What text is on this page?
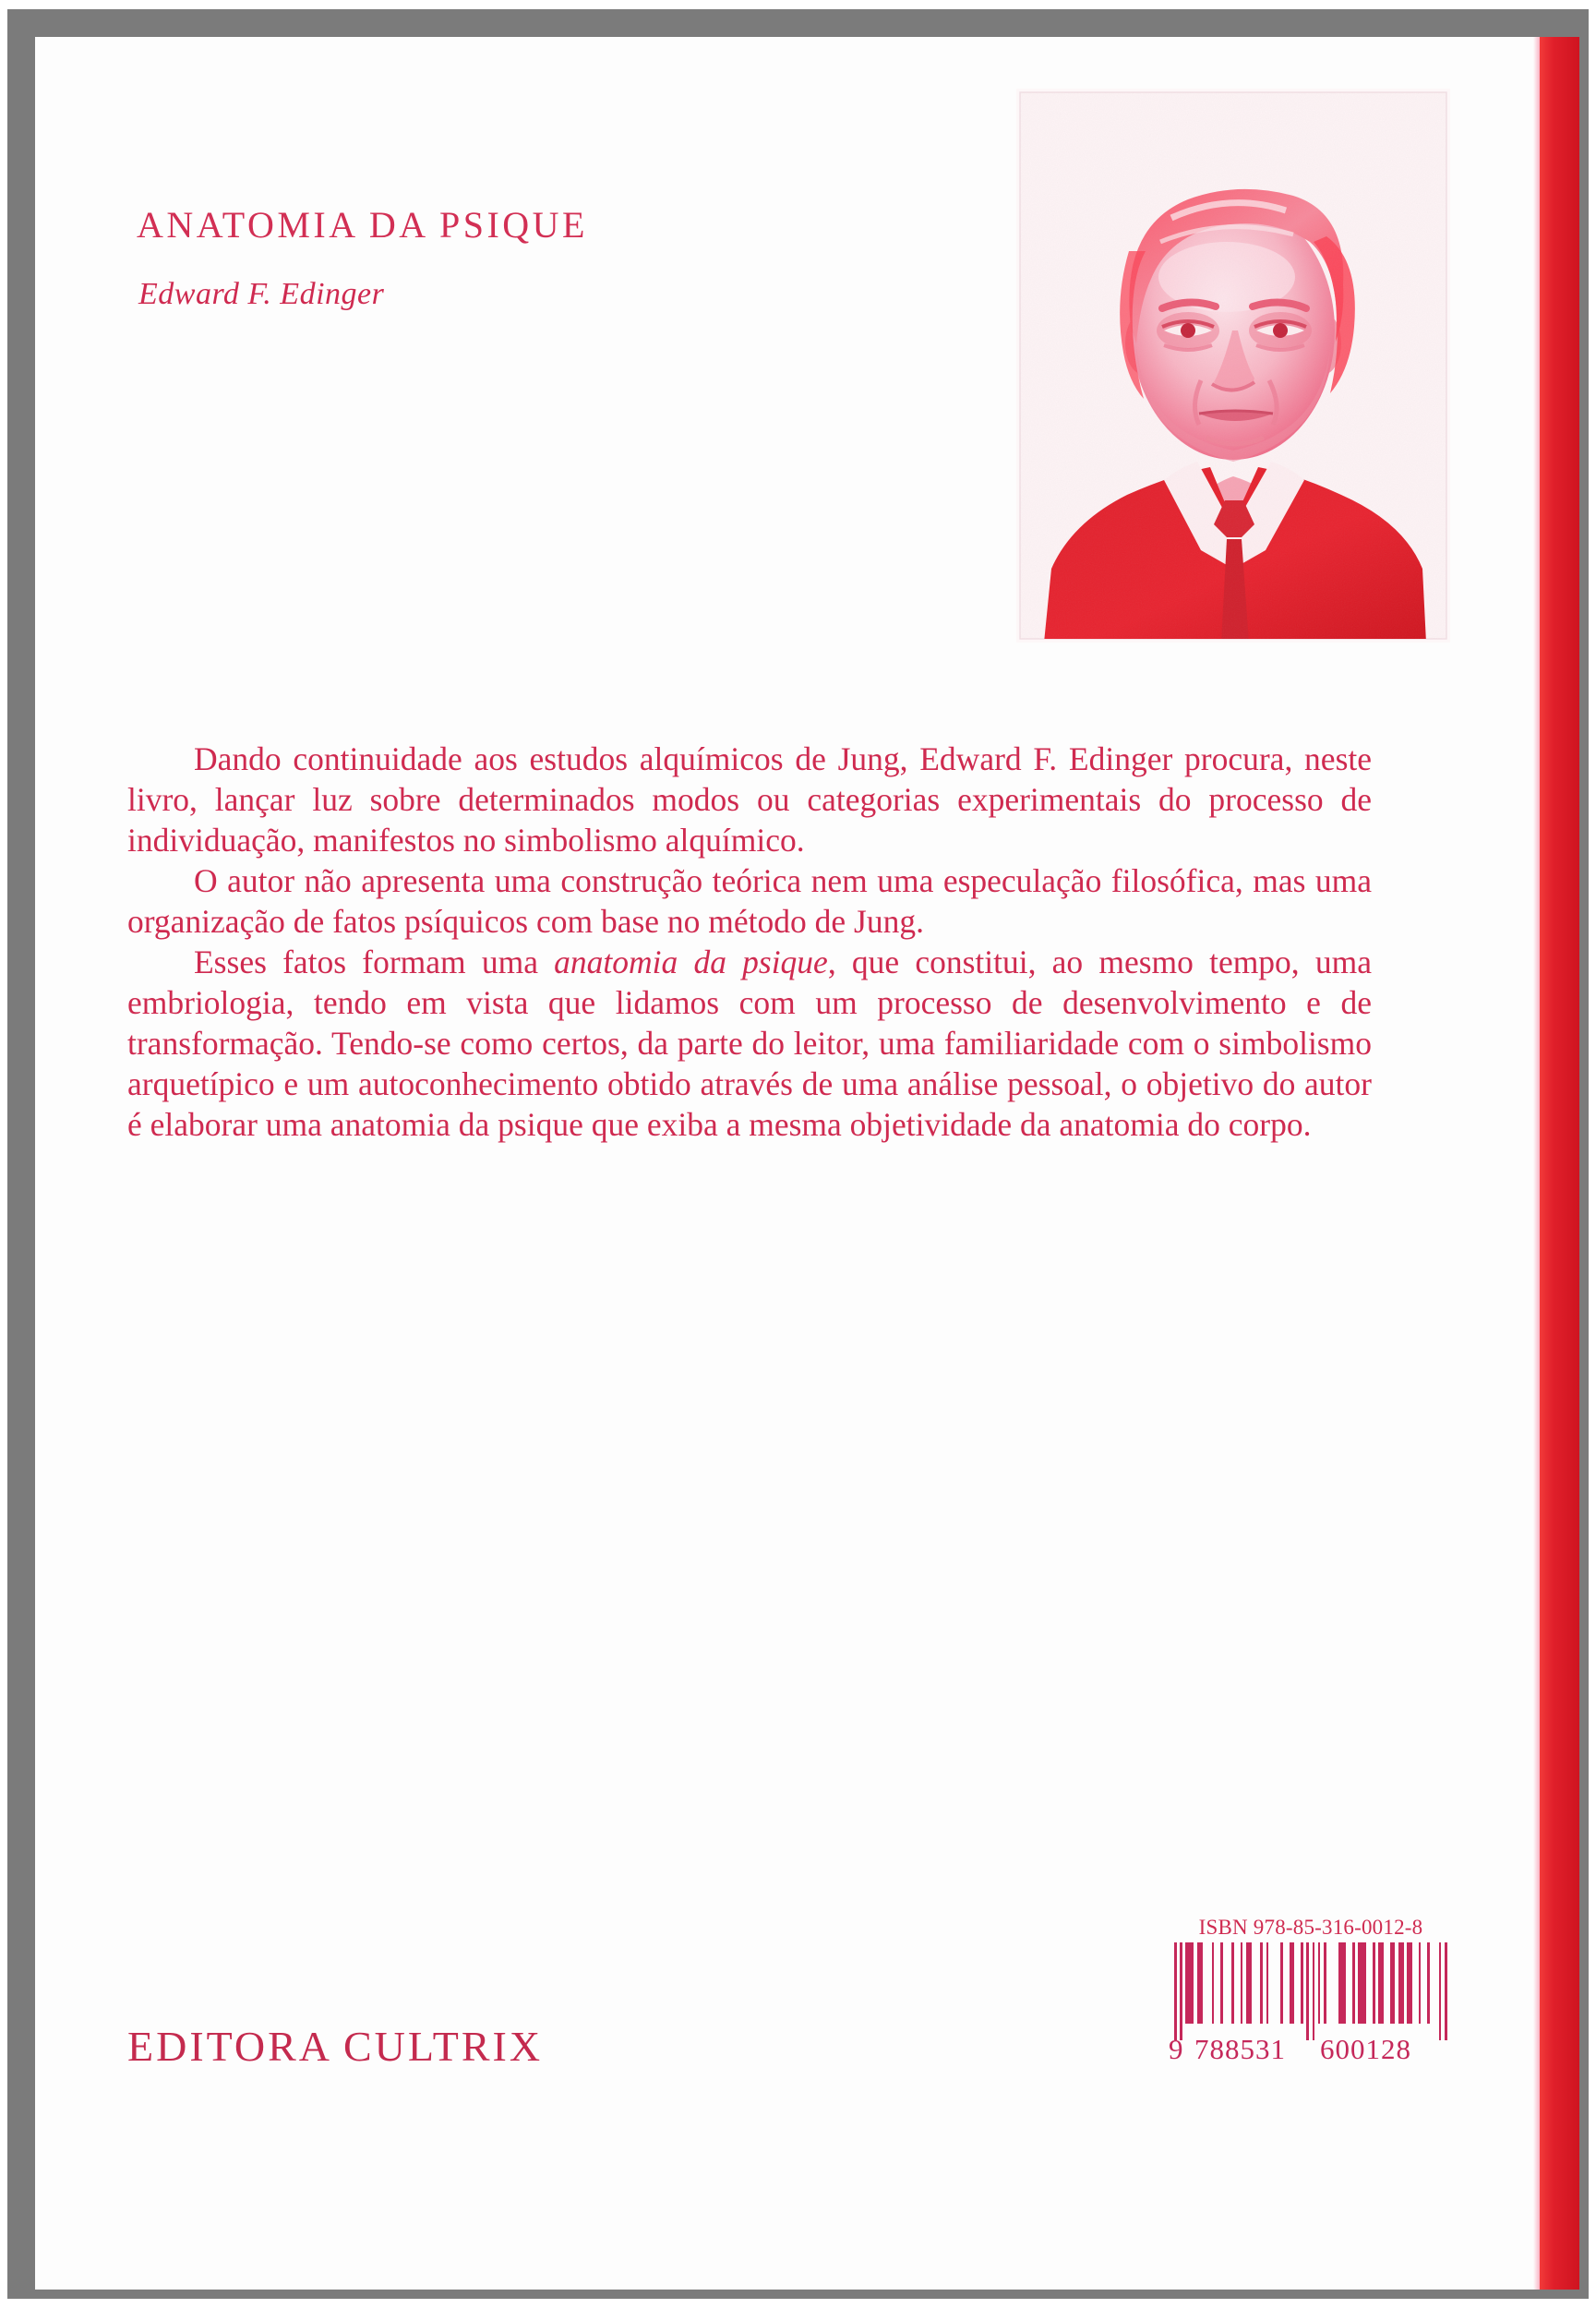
ANATOMIA DA PSIQUE
Edward F. Edinger

Dando continuidade aos estudos alquímicos de Jung, Edward F. Edinger procura, neste livro, lançar luz sobre determinados modos ou categorias experimentais do processo de individuação, manifestos no simbolismo alquímico.

O autor não apresenta uma construção teórica nem uma especulação filosófica, mas uma organização de fatos psíquicos com base no método de Jung.

Esses fatos formam uma anatomia da psique, que constitui, ao mesmo tempo, uma embriologia, tendo em vista que lidamos com um processo de desenvolvimento e de transformação. Tendo-se como certos, da parte do leitor, uma familiaridade com o simbolismo arquetípico e um autoconhecimento obtido através de uma análise pessoal, o objetivo do autor é elaborar uma anatomia da psique que exiba a mesma objetividade da anatomia do corpo.

EDITORA CULTRIX
ISBN 978-85-316-0012-8
9 788531 600128
